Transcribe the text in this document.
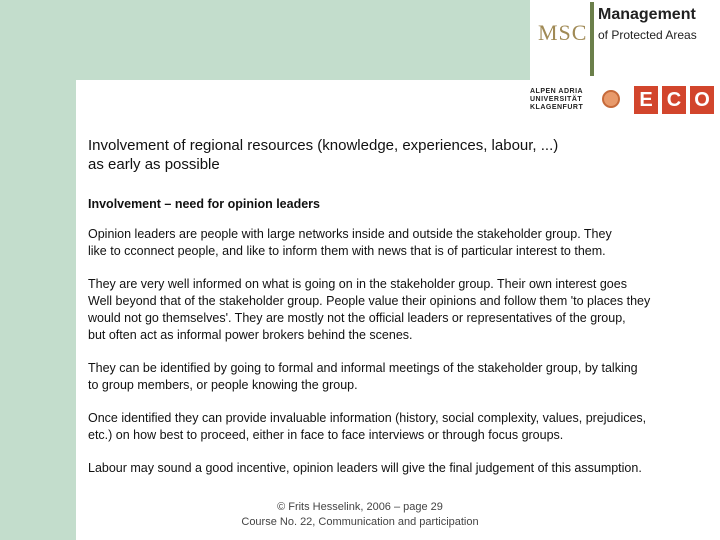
MSC
Management
of Protected Areas
ALPEN ADRIA
UNIVERSITÄT
KLAGENFURT	E C O
Involvement of regional resources (knowledge, experiences, labour, ...)
as early as possible
Involvement – need for opinion leaders
Opinion leaders are people with large networks inside and outside the stakeholder group. They
like to cconnect people, and like to inform them with news that is of particular interest to them.
They are very well informed on what is going on in the stakeholder group. Their own interest goes
Well beyond that of the stakeholder group. People value their opinions and follow them 'to places they
would not go themselves'. They are mostly not the official leaders or representatives of the group,
but often act as informal power brokers behind the scenes.
They can be identified by going to formal and informal meetings of the stakeholder group, by talking
to group members, or people knowing the group.
Once identified they can provide invaluable information (history, social complexity, values, prejudices,
etc.) on how best to proceed, either in face to face interviews or through focus groups.
Labour may sound a good incentive, opinion leaders will give the final judgement of this assumption.
© Frits Hesselink, 2006 – page 29
Course No. 22, Communication and participation
